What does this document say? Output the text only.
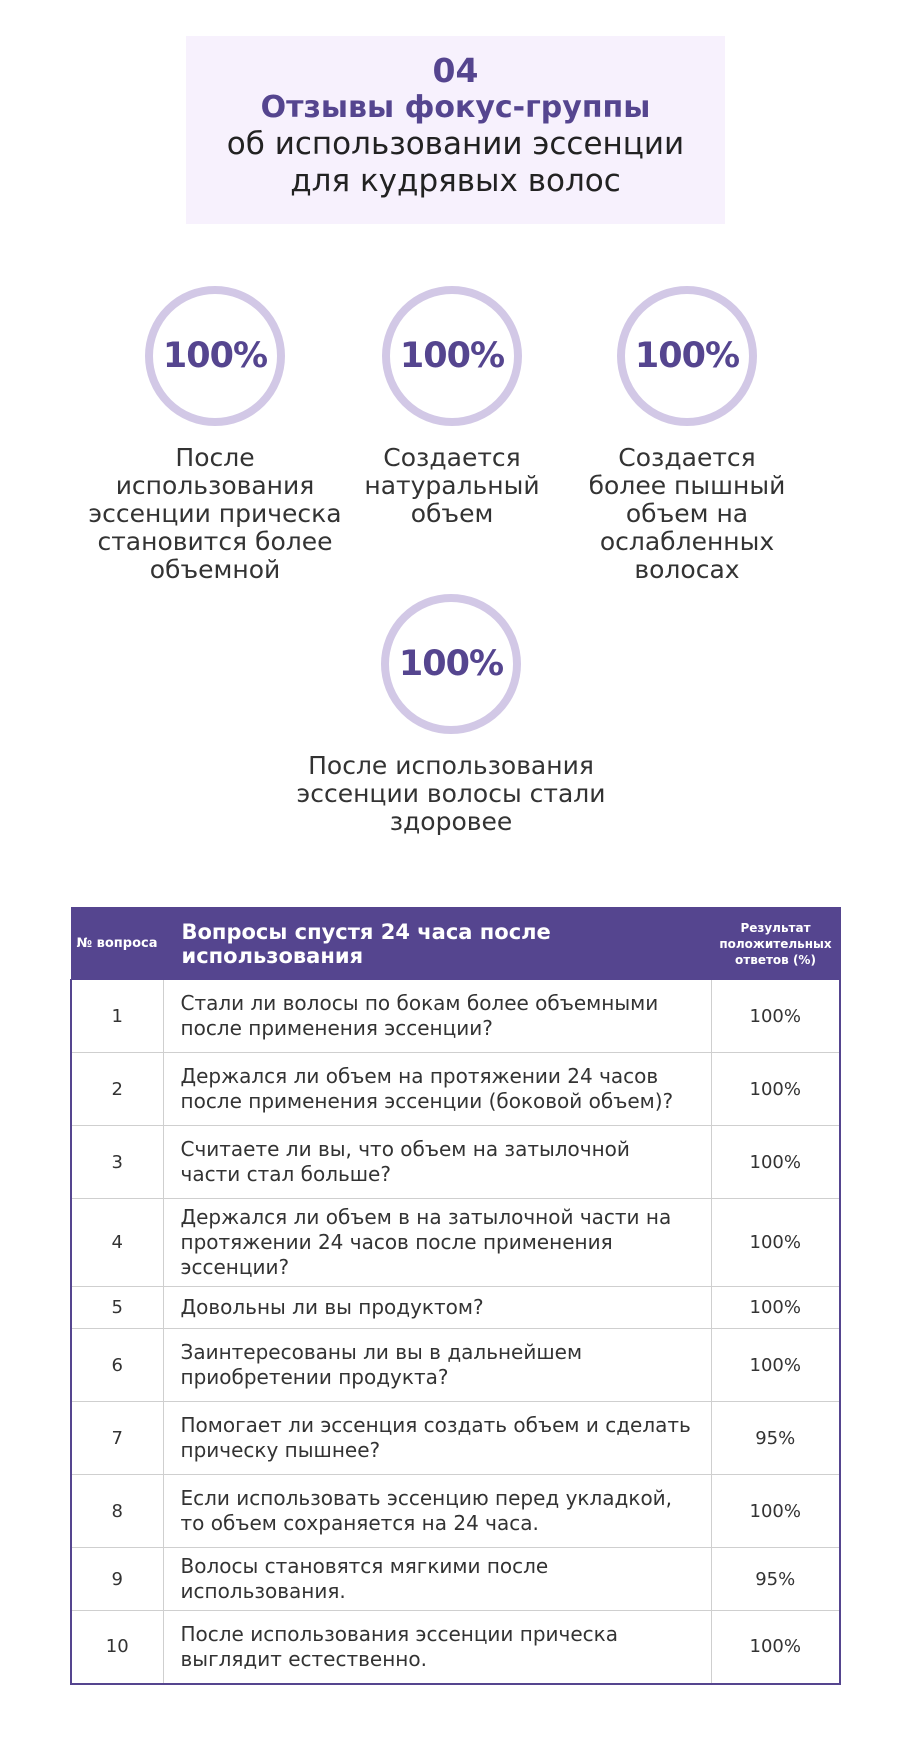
04
Отзывы фокус-группы
об использовании эссенции
для кудрявых волос
100%
После использования эссенции прическа становится более объемной
100%
Создается натуральный объем
100%
Создается более пышный объем на ослабленных волосах
100%
После использования эссенции волосы стали здоровее
№ вопроса	Вопросы спустя 24 часа после использования	Результат положительных ответов (%)
1	Стали ли волосы по бокам более объемными после применения эссенции?	100%
2	Держался ли объем на протяжении 24 часов после применения эссенции (боковой объем)?	100%
3	Считаете ли вы, что объем на затылочной части стал больше?	100%
4	Держался ли объем в на затылочной части на протяжении 24 часов после применения эссенции?	100%
5	Довольны ли вы продуктом?	100%
6	Заинтересованы ли вы в дальнейшем приобретении продукта?	100%
7	Помогает ли эссенция создать объем и сделать прическу пышнее?	95%
8	Если использовать эссенцию перед укладкой, то объем сохраняется на 24 часа.	100%
9	Волосы становятся мягкими после использования.	95%
10	После использования эссенции прическа выглядит естественно.	100%
